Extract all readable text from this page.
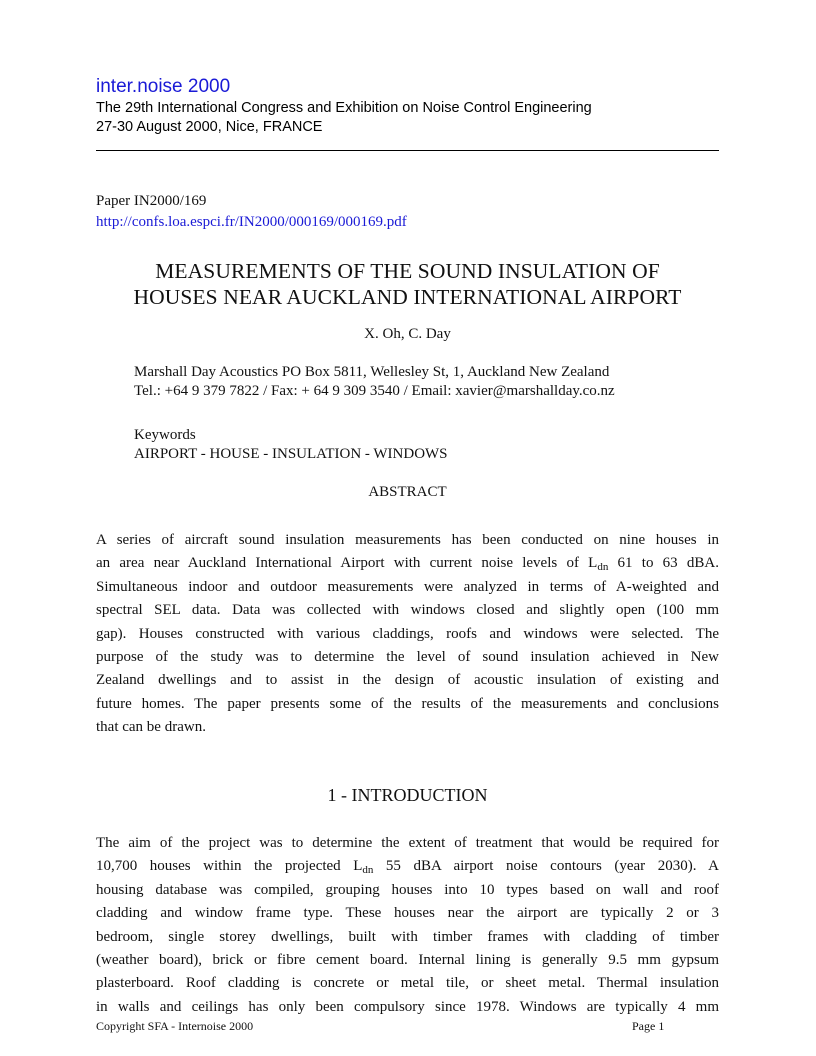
inter.noise 2000
The 29th International Congress and Exhibition on Noise Control Engineering
27-30 August 2000, Nice, FRANCE
Paper IN2000/169
http://confs.loa.espci.fr/IN2000/000169/000169.pdf
MEASUREMENTS OF THE SOUND INSULATION OF
HOUSES NEAR AUCKLAND INTERNATIONAL AIRPORT
X. Oh, C. Day
Marshall Day Acoustics PO Box 5811, Wellesley St, 1, Auckland New Zealand
Tel.: +64 9 379 7822 / Fax: + 64 9 309 3540 / Email: xavier@marshallday.co.nz
Keywords
AIRPORT - HOUSE - INSULATION - WINDOWS
ABSTRACT
A series of aircraft sound insulation measurements has been conducted on nine houses in
an area near Auckland International Airport with current noise levels of $L_{dn}$ 61 to 63 dBA.
Simultaneous indoor and outdoor measurements were analyzed in terms of A-weighted and
spectral SEL data. Data was collected with windows closed and slightly open (100 mm
gap). Houses constructed with various claddings, roofs and windows were selected. The
purpose of the study was to determine the level of sound insulation achieved in New
Zealand dwellings and to assist in the design of acoustic insulation of existing and
future homes. The paper presents some of the results of the measurements and conclusions
that can be drawn.
1 - INTRODUCTION
The aim of the project was to determine the extent of treatment that would be required for
10,700 houses within the projected $L_{dn}$ 55 dBA airport noise contours (year 2030). A
housing database was compiled, grouping houses into 10 types based on wall and roof
cladding and window frame type. These houses near the airport are typically 2 or 3
bedroom, single storey dwellings, built with timber frames with cladding of timber
(weather board), brick or fibre cement board. Internal lining is generally 9.5 mm gypsum
plasterboard. Roof cladding is concrete or metal tile, or sheet metal. Thermal insulation
in walls and ceilings has only been compulsory since 1978. Windows are typically 4 mm
Copyright SFA - Internoise 2000	Page 1
